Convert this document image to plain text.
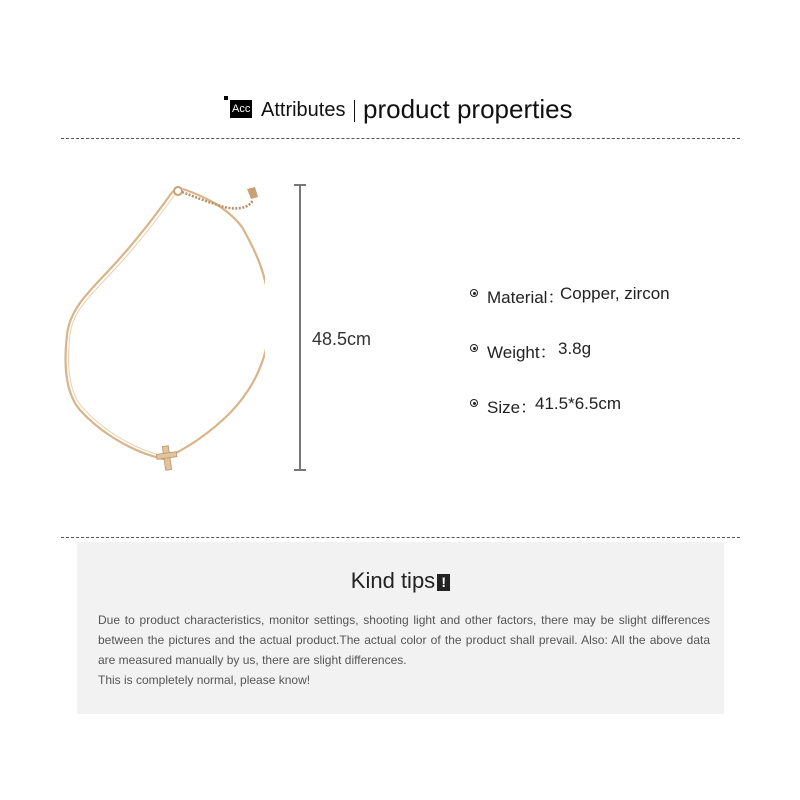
Acc Attributes product properties
48.5cm
Material：
Copper, zircon
Weight： 3.8g
Size：
41.5*6.5cm
Kind tips !
Due to product characteristics, monitor settings, shooting light and other factors, there may be slight differences between the pictures and the actual product.The actual color of the product shall prevail. Also: All the above data are measured manually by us, there are slight differences.
This is completely normal, please know!
